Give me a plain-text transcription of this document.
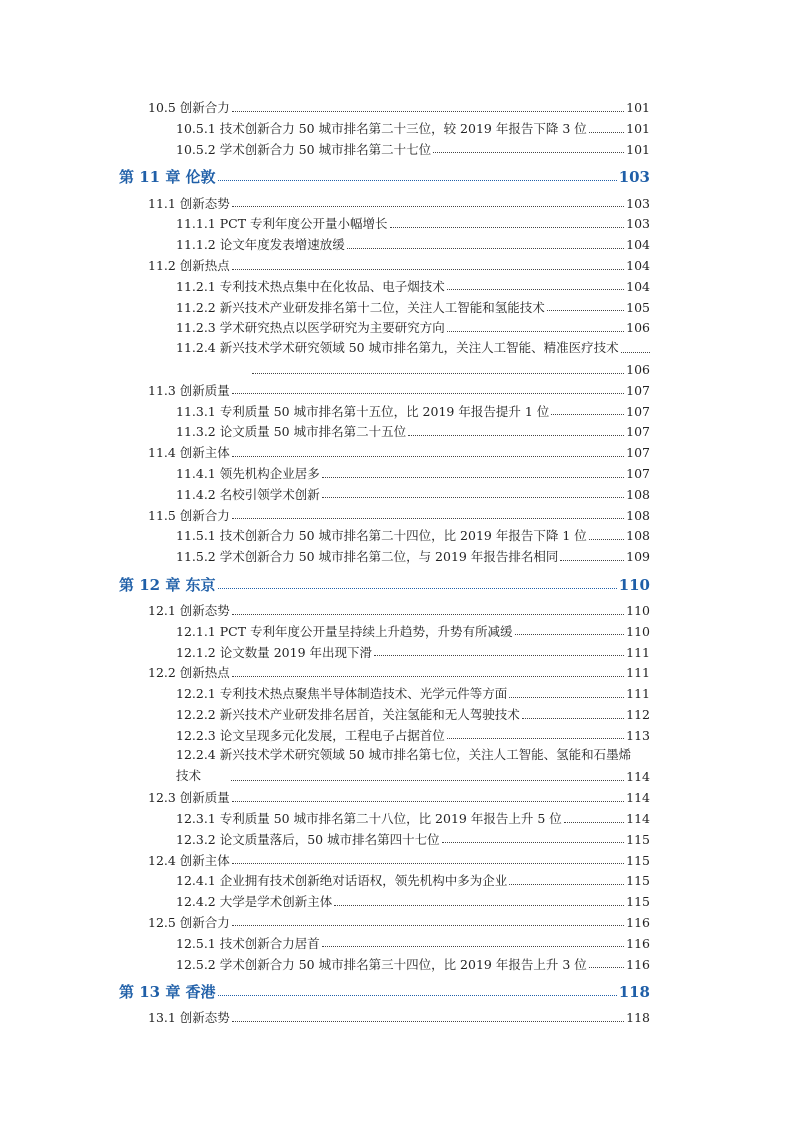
10.5 创新合力	101
10.5.1 技术创新合力 50 城市排名第二十三位，较 2019 年报告下降 3 位	101
10.5.2 学术创新合力 50 城市排名第二十七位	101
第 11 章 伦敦	103
11.1 创新态势	103
11.1.1 PCT 专利年度公开量小幅增长	103
11.1.2 论文年度发表增速放缓	104
11.2 创新热点	104
11.2.1 专利技术热点集中在化妆品、电子烟技术	104
11.2.2 新兴技术产业研发排名第十二位，关注人工智能和氢能技术	105
11.2.3 学术研究热点以医学研究为主要研究方向	106
11.2.4 新兴技术学术研究领域 50 城市排名第九，关注人工智能、精准医疗技术
106
11.3 创新质量	107
11.3.1 专利质量 50 城市排名第十五位，比 2019 年报告提升 1 位	107
11.3.2 论文质量 50 城市排名第二十五位	107
11.4 创新主体	107
11.4.1 领先机构企业居多	107
11.4.2 名校引领学术创新	108
11.5 创新合力	108
11.5.1 技术创新合力 50 城市排名第二十四位，比 2019 年报告下降 1 位	108
11.5.2 学术创新合力 50 城市排名第二位，与 2019 年报告排名相同	109
第 12 章 东京	110
12.1 创新态势	110
12.1.1 PCT 专利年度公开量呈持续上升趋势，升势有所减缓	110
12.1.2 论文数量 2019 年出现下滑	111
12.2 创新热点	111
12.2.1 专利技术热点聚焦半导体制造技术、光学元件等方面	111
12.2.2 新兴技术产业研发排名居首，关注氢能和无人驾驶技术	112
12.2.3 论文呈现多元化发展，工程电子占据首位	113
12.2.4 新兴技术学术研究领域 50 城市排名第七位，关注人工智能、氢能和石墨烯
技术	114
12.3 创新质量	114
12.3.1 专利质量 50 城市排名第二十八位，比 2019 年报告上升 5 位	114
12.3.2 论文质量落后，50 城市排名第四十七位	115
12.4 创新主体	115
12.4.1 企业拥有技术创新绝对话语权，领先机构中多为企业	115
12.4.2 大学是学术创新主体	115
12.5 创新合力	116
12.5.1 技术创新合力居首	116
12.5.2 学术创新合力 50 城市排名第三十四位，比 2019 年报告上升 3 位	116
第 13 章 香港	118
13.1 创新态势	118
